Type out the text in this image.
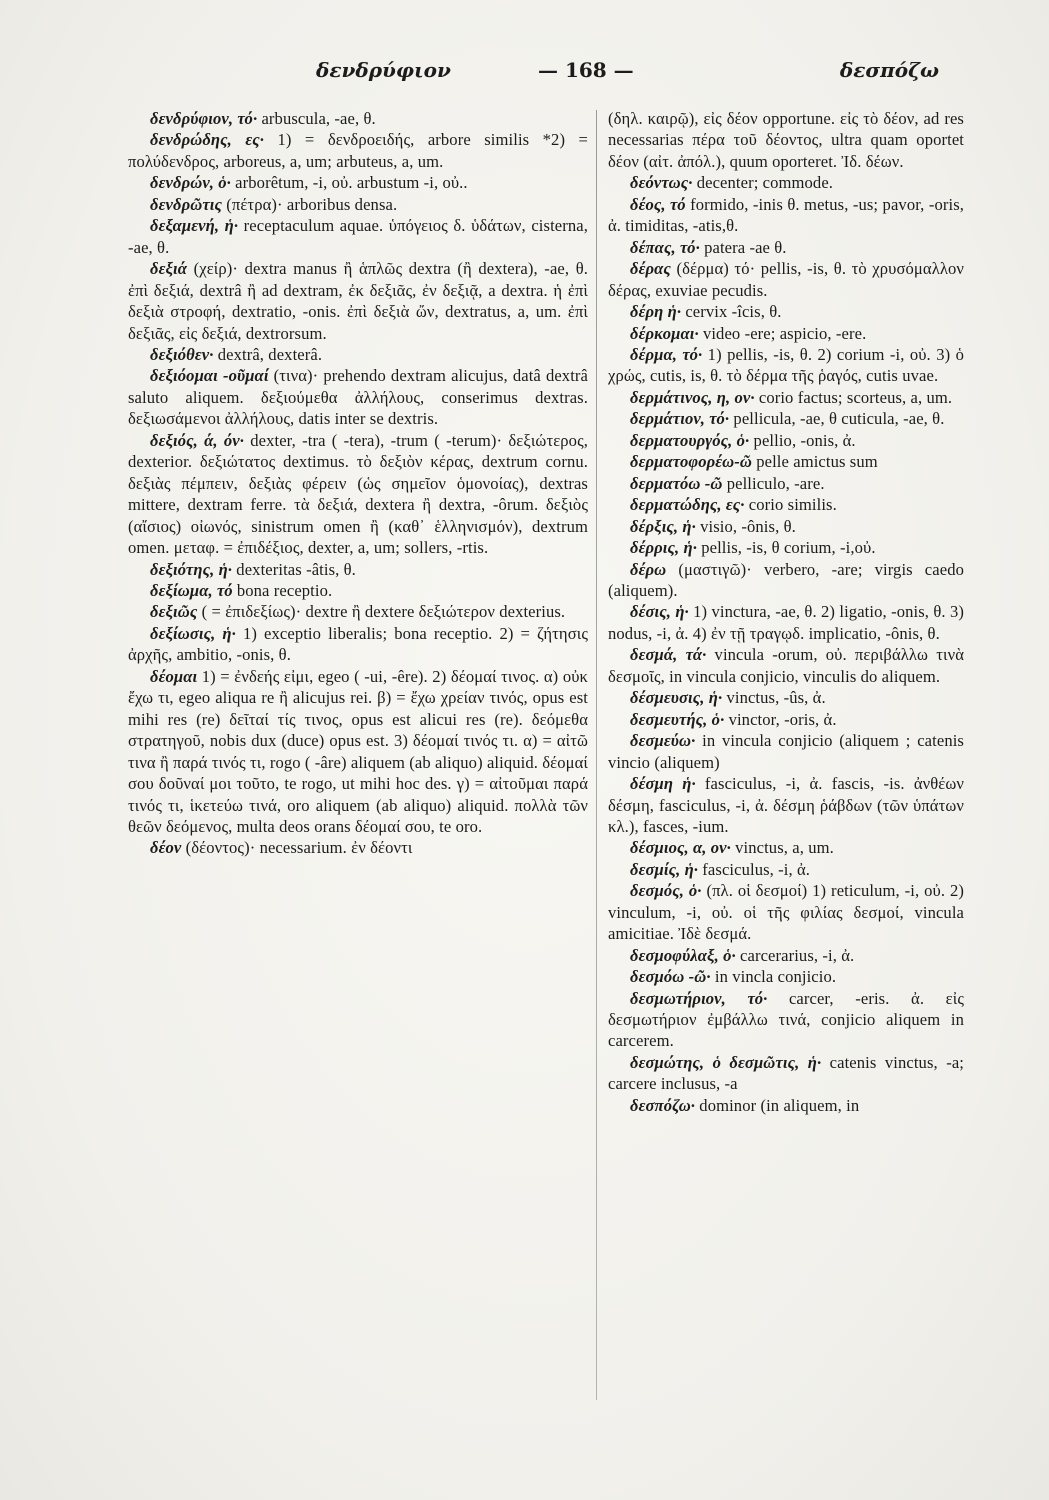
δενδρύφιον	— 168 —	δεσπόζω

δενδρύφιον, τό· arbuscula, -ae, θ.

δενδρώδης, ες· 1) = δενδροειδής, arbore similis *2) = πολύδενδρος, arboreus, a, um; arbuteus, a, um.

δενδρών, ὁ· arborêtum, -i, οὐ. arbustum -i, οὐ..

δενδρῶτις (πέτρα)· arboribus densa.

δεξαμενή, ἡ· receptaculum aquae. ὑπόγειος δ. ὑδάτων, cisterna, -ae, θ.

δεξιά (χείρ)· dextra manus ἢ ἁπλῶς dextra (ἢ dextera), -ae, θ. ἐπὶ δεξιά, dextrâ ἢ ad dextram, ἐκ δεξιᾶς, ἐν δεξιᾷ, a dextra. ἡ ἐπὶ δεξιὰ στροφή, dextratio, -onis. ἐπὶ δεξιὰ ὤν, dextratus, a, um. ἐπὶ δεξιᾶς, εἰς δεξιά, dextrorsum.

δεξιόθεν· dextrâ, dexterâ.

δεξιόομαι -οῦμαί (τινα)· prehendo dextram alicujus, datâ dextrâ saluto aliquem. δεξιούμεθα ἀλλήλους, conserimus dextras. δεξιωσάμενοι ἀλλήλους, datis inter se dextris.

δεξιός, ά, όν· dexter, -tra ( -tera), -trum ( -terum)· δεξιώτερος, dexterior. δεξιώτατος dextimus. τὸ δεξιὸν κέρας, dextrum cornu. δεξιὰς πέμπειν, δεξιὰς φέρειν (ὡς σημεῖον ὁμονοίας), dextras mittere, dextram ferre. τὰ δεξιά, dextera ἢ dextra, -ôrum. δεξιὸς (αἴσιος) οἰωνός, sinistrum omen ἢ (καθ᾽ ἑλληνισμόν), dextrum omen. μεταφ. = ἐπιδέξιος, dexter, a, um; sollers, -rtis.

δεξιότης, ἡ· dexteritas -âtis, θ.

δεξίωμα, τό bona receptio.

δεξιῶς ( = ἐπιδεξίως)· dextre ἢ dextere δεξιώτερον dexterius.

δεξίωσις, ἡ· 1) exceptio liberalis; bona receptio. 2) = ζήτησις ἀρχῆς, ambitio, -onis, θ.

δέομαι 1) = ἐνδεής εἰμι, egeo ( -ui, -êre). 2) δέομαί τινος. α) οὐκ ἔχω τι, egeo aliqua re ἢ alicujus rei. β) = ἔχω χρείαν τινός, opus est mihi res (re) δεῖταί τίς τινος, opus est alicui res (re). δεόμεθα στρατηγοῦ, nobis dux (duce) opus est. 3) δέομαί τινός τι. α) = αἰτῶ τινα ἢ παρά τινός τι, rogo ( -âre) aliquem (ab aliquo) aliquid. δέομαί σου δοῦναί μοι τοῦτο, te rogo, ut mihi hoc des. γ) = αἰτοῦμαι παρά τινός τι, ἱκετεύω τινά, oro aliquem (ab aliquo) aliquid. πολλὰ τῶν θεῶν δεόμενος, multa deos orans δέομαί σου, te oro.

δέον (δέοντος)· necessarium. ἐν δέοντι

(δηλ. καιρῷ), εἰς δέον opportune. εἰς τὸ δέον, ad res necessarias πέρα τοῦ δέοντος, ultra quam oportet δέον (αἰτ. ἀπόλ.), quum oporteret. Ἰδ. δέων.

δεόντως· decenter; commode.

δέος, τό formido, -inis θ. metus, -us; pavor, -oris, ἀ. timiditas, -atis,θ.

δέπας, τό· patera -ae θ.

δέρας (δέρμα) τό· pellis, -is, θ. τὸ χρυσόμαλλον δέρας, exuviae pecudis.

δέρη ἡ· cervix -îcis, θ.

δέρκομαι· video -ere; aspicio, -ere.

δέρμα, τό· 1) pellis, -is, θ. 2) corium -i, οὐ. 3) ὁ χρώς, cutis, is, θ. τὸ δέρμα τῆς ῥαγός, cutis uvae.

δερμάτινος, η, ον· corio factus; scorteus, a, um.

δερμάτιον, τό· pellicula, -ae, θ cuticula, -ae, θ.

δερματουργός, ὁ· pellio, -onis, ἀ.

δερματοφορέω-ῶ pelle amictus sum

δερματόω -ῶ pelliculo, -are.

δερματώδης, ες· corio similis.

δέρξις, ἡ· visio, -ônis, θ.

δέρρις, ἡ· pellis, -is, θ corium, -i,οὐ.

δέρω (μαστιγῶ)· verbero, -are; virgis caedo (aliquem).

δέσις, ἡ· 1) vinctura, -ae, θ. 2) ligatio, -onis, θ. 3) nodus, -i, ἀ. 4) ἐν τῇ τραγῳδ. implicatio, -ônis, θ.

δεσμά, τά· vincula -orum, οὐ. περιβάλλω τινὰ δεσμοῖς, in vincula conjicio, vinculis do aliquem.

δέσμευσις, ἡ· vinctus, -ûs, ἀ.

δεσμευτής, ὁ· vinctor, -oris, ἀ.

δεσμεύω· in vincula conjicio (aliquem ; catenis vincio (aliquem)

δέσμη ἡ· fasciculus, -i, ἀ. fascis, -is. ἀνθέων δέσμη, fasciculus, -i, ἀ. δέσμη ῥάβδων (τῶν ὑπάτων κλ.), fasces, -ium.

δέσμιος, α, ον· vinctus, a, um.

δεσμίς, ἡ· fasciculus, -i, ἀ.

δεσμός, ὁ· (πλ. οἱ δεσμοί) 1) reticulum, -i, οὐ. 2) vinculum, -i, οὐ. οἱ τῆς φιλίας δεσμοί, vincula amicitiae. Ἰδὲ δεσμά.

δεσμοφύλαξ, ὁ· carcerarius, -i, ἀ.

δεσμόω -ῶ· in vincla conjicio.

δεσμωτήριον, τό· carcer, -eris. ἀ. εἰς δεσμωτήριον ἐμβάλλω τινά, conjicio aliquem in carcerem.

δεσμώτης, ὁ δεσμῶτις, ἡ· catenis vinctus, -a; carcere inclusus, -a

δεσπόζω· dominor (in aliquem, in
